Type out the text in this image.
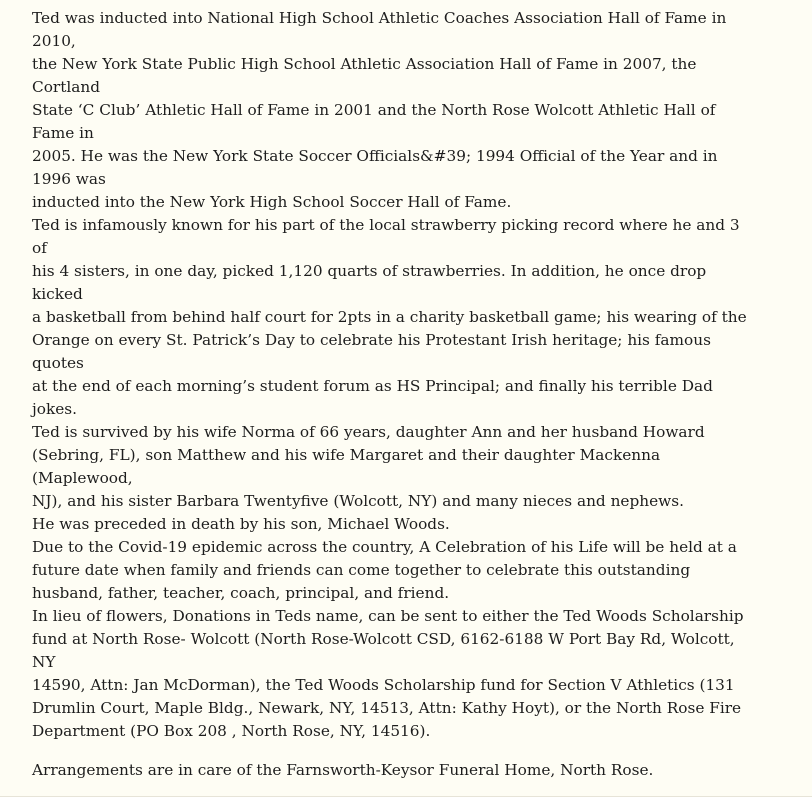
Ted was inducted into National High School Athletic Coaches Association Hall of Fame in
2010,
the New York State Public High School Athletic Association Hall of Fame in 2007, the
Cortland
State ‘C Club’ Athletic Hall of Fame in 2001 and the North Rose Wolcott Athletic Hall of
Fame in
2005. He was the New York State Soccer Officials&#39; 1994 Official of the Year and in
1996 was
inducted into the New York High School Soccer Hall of Fame.
Ted is infamously known for his part of the local strawberry picking record where he and 3
of
his 4 sisters, in one day, picked 1,120 quarts of strawberries. In addition, he once drop
kicked
a basketball from behind half court for 2pts in a charity basketball game; his wearing of the
Orange on every St. Patrick’s Day to celebrate his Protestant Irish heritage; his famous
quotes
at the end of each morning’s student forum as HS Principal; and finally his terrible Dad
jokes.
Ted is survived by his wife Norma of 66 years, daughter Ann and her husband Howard
(Sebring, FL), son Matthew and his wife Margaret and their daughter Mackenna
(Maplewood,
NJ), and his sister Barbara Twentyfive (Wolcott, NY) and many nieces and nephews.
He was preceded in death by his son, Michael Woods.
Due to the Covid-19 epidemic across the country, A Celebration of his Life will be held at a
future date when family and friends can come together to celebrate this outstanding
husband, father, teacher, coach, principal, and friend.
In lieu of flowers, Donations in Teds name, can be sent to either the Ted Woods Scholarship
fund at North Rose- Wolcott (North Rose-Wolcott CSD, 6162-6188 W Port Bay Rd, Wolcott,
NY
14590, Attn: Jan McDorman), the Ted Woods Scholarship fund for Section V Athletics (131
Drumlin Court, Maple Bldg., Newark, NY, 14513, Attn: Kathy Hoyt), or the North Rose Fire
Department (PO Box 208 , North Rose, NY, 14516).
Arrangements are in care of the Farnsworth-Keysor Funeral Home, North Rose.
